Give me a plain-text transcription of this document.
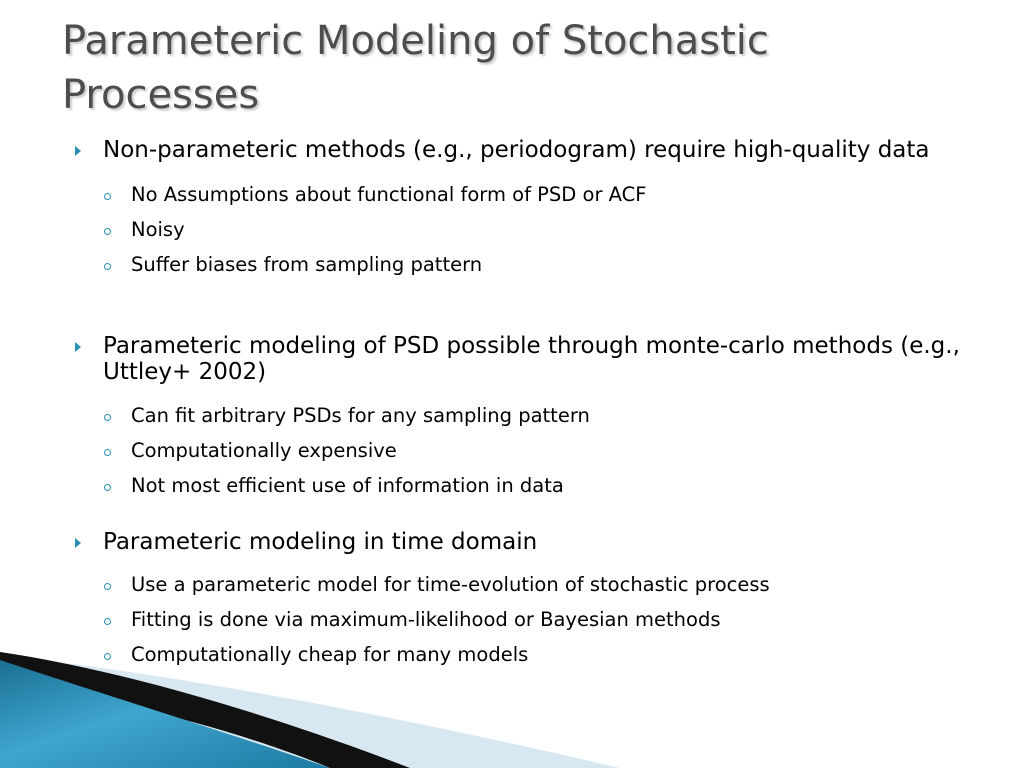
Parameteric Modeling of Stochastic Processes
Non-parameteric methods (e.g., periodogram) require high-quality data
No Assumptions about functional form of PSD or ACF
Noisy
Suffer biases from sampling pattern
Parameteric modeling of PSD possible through monte-carlo methods (e.g., Uttley+ 2002)
Can fit arbitrary PSDs for any sampling pattern
Computationally expensive
Not most efficient use of information in data
Parameteric modeling in time domain
Use a parameteric model for time-evolution of stochastic process
Fitting is done via maximum-likelihood or Bayesian methods
Computationally cheap for many models
